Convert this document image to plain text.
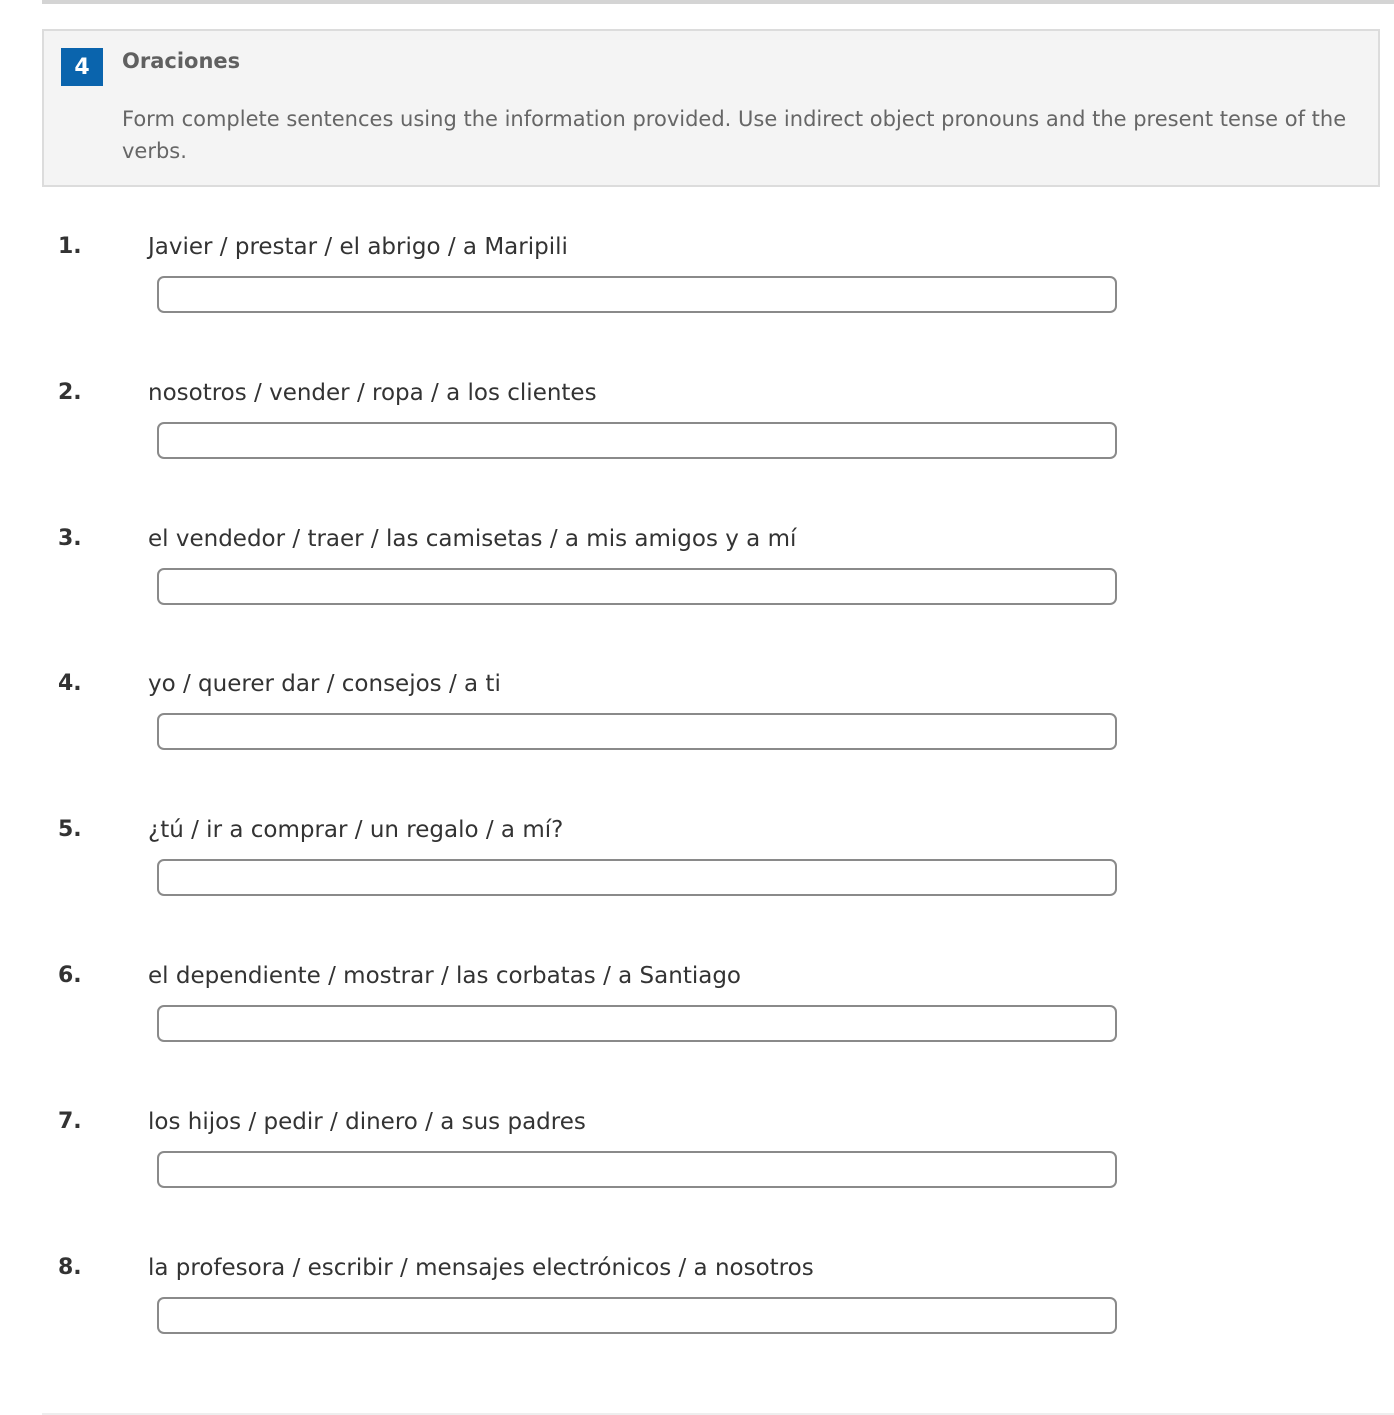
4	Oraciones
Form complete sentences using the information provided. Use indirect object pronouns and the present tense of the verbs.
1.	Javier / prestar / el abrigo / a Maripili
2.	nosotros / vender / ropa / a los clientes
3.	el vendedor / traer / las camisetas / a mis amigos y a mí
4.	yo / querer dar / consejos / a ti
5.	¿tú / ir a comprar / un regalo / a mí?
6.	el dependiente / mostrar / las corbatas / a Santiago
7.	los hijos / pedir / dinero / a sus padres
8.	la profesora / escribir / mensajes electrónicos / a nosotros
